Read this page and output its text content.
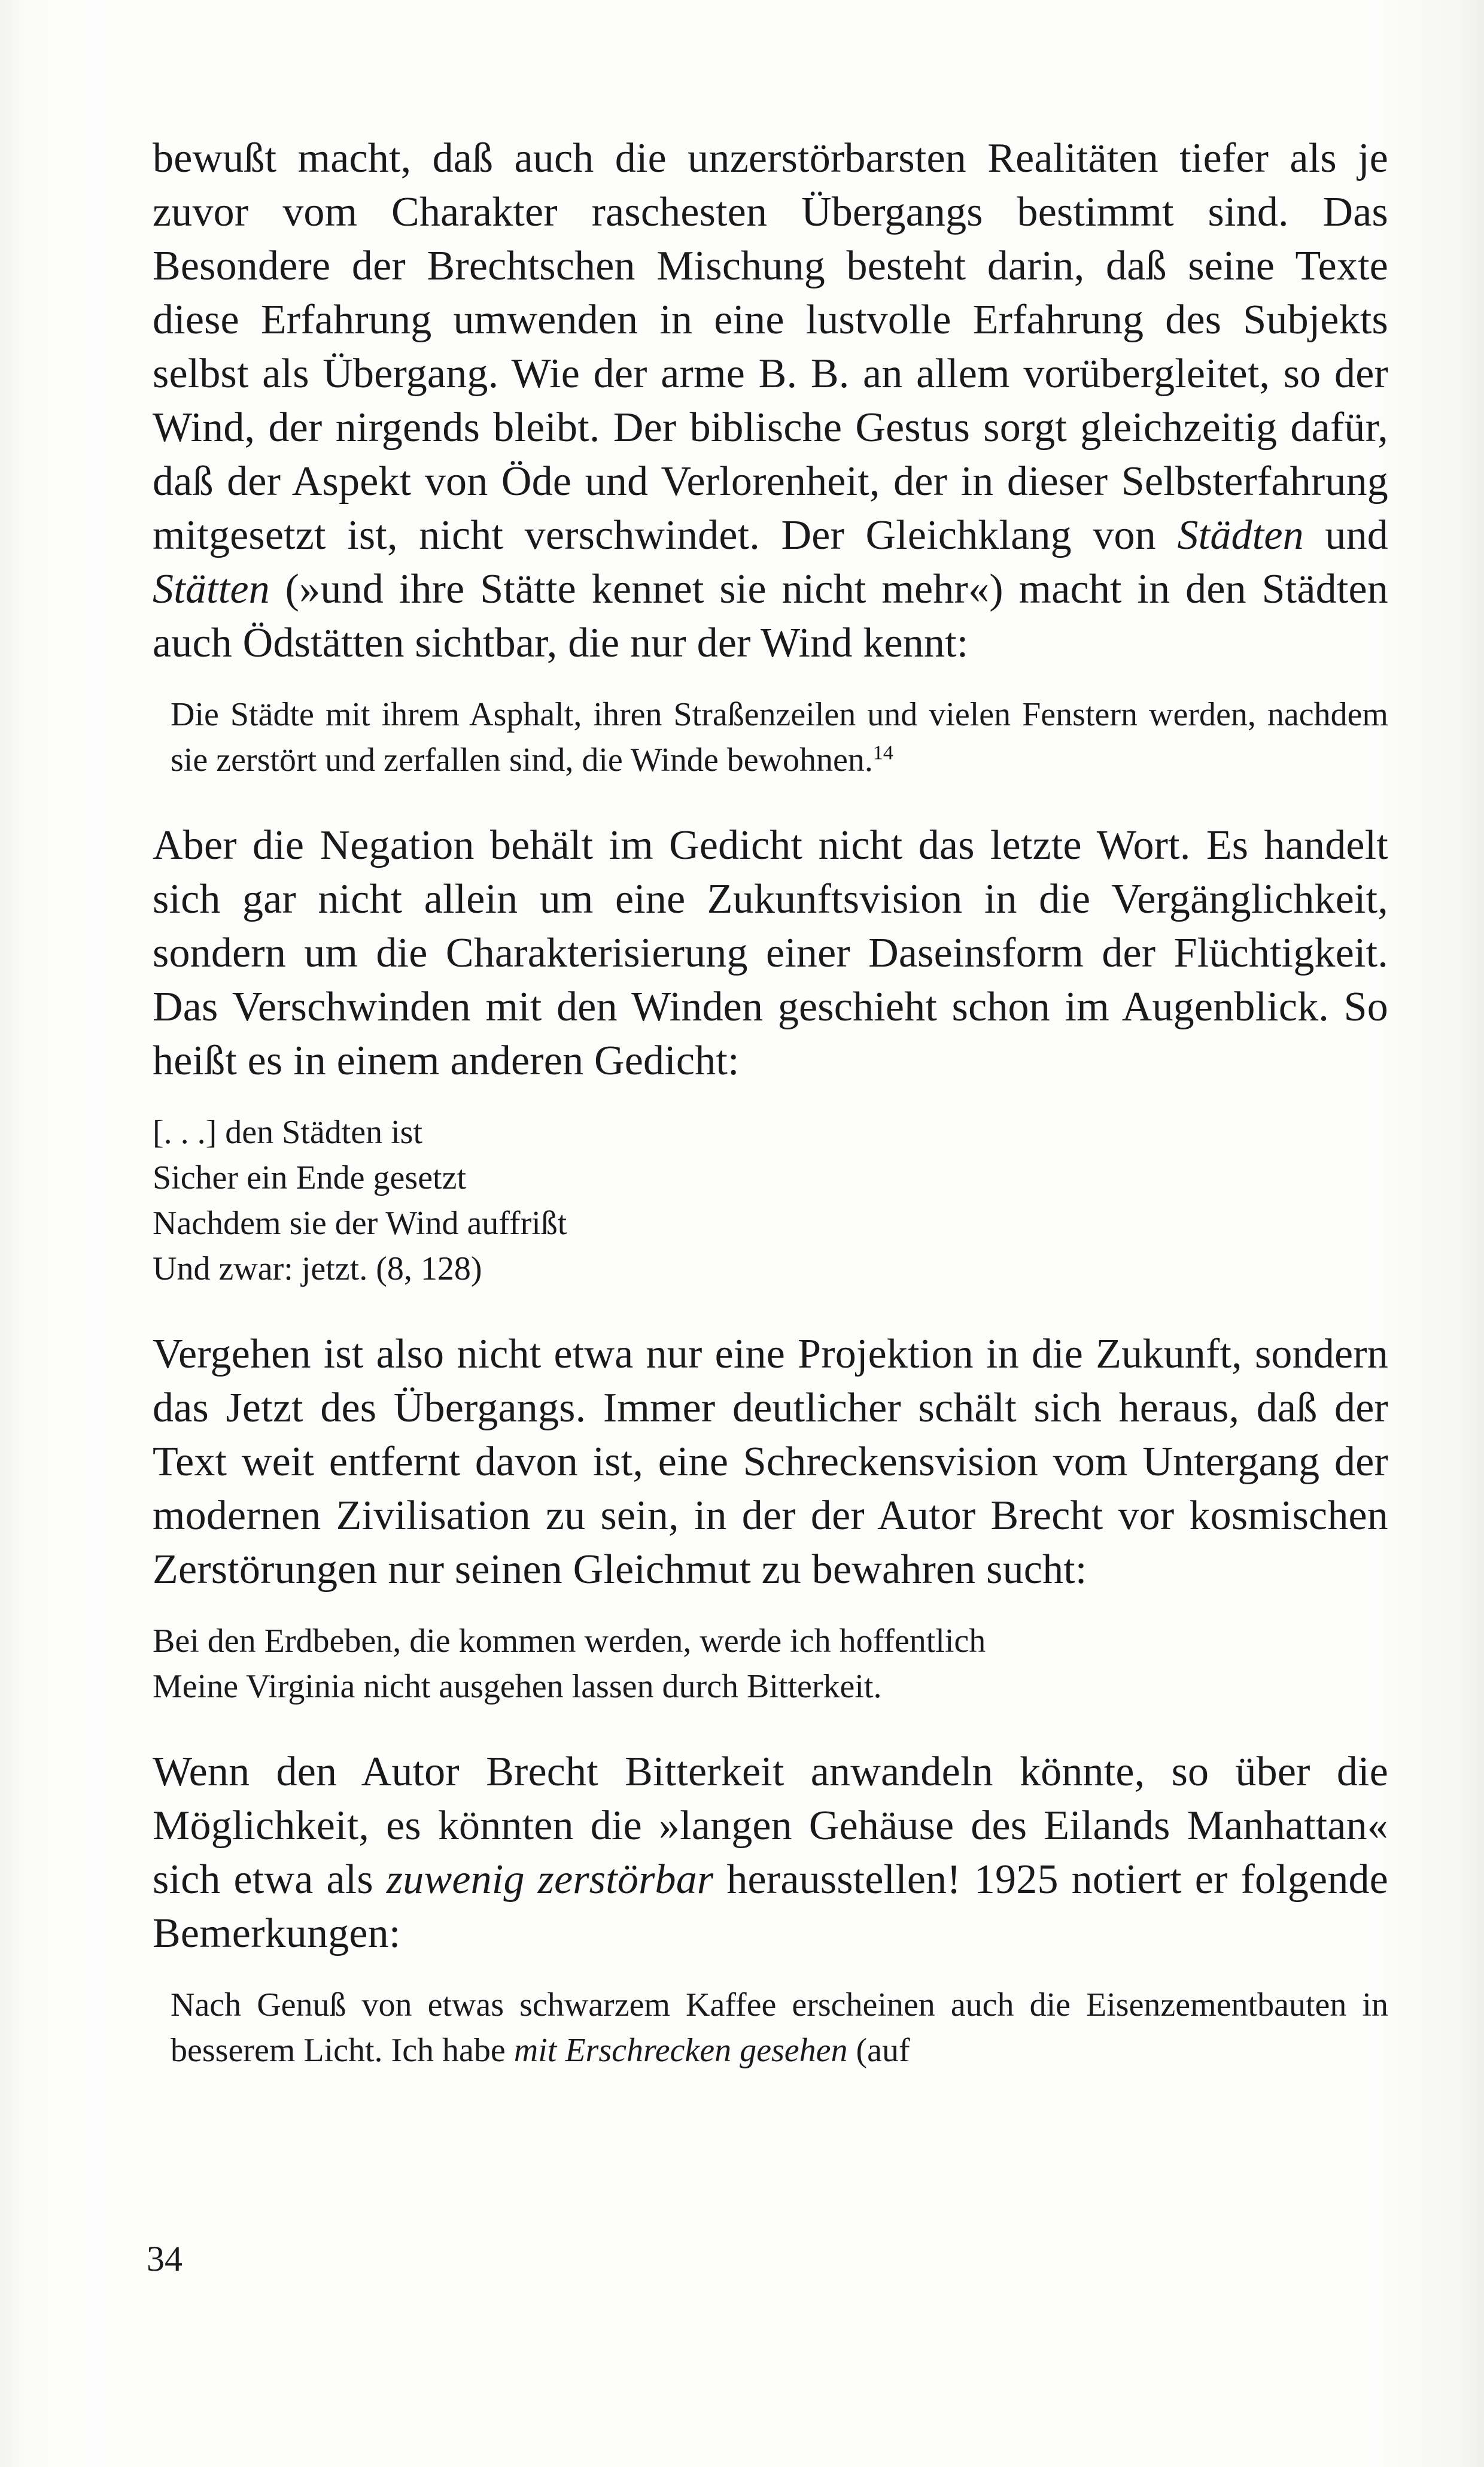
bewußt macht, daß auch die unzerstörbarsten Realitäten tiefer als je zuvor vom Charakter raschesten Übergangs bestimmt sind. Das Besondere der Brechtschen Mischung besteht darin, daß seine Texte diese Erfahrung umwenden in eine lustvolle Erfahrung des Subjekts selbst als Übergang. Wie der arme B. B. an allem vorübergleitet, so der Wind, der nirgends bleibt. Der biblische Gestus sorgt gleichzeitig dafür, daß der Aspekt von Öde und Verlorenheit, der in dieser Selbsterfahrung mitgesetzt ist, nicht verschwindet. Der Gleichklang von Städten und Stätten (»und ihre Stätte kennet sie nicht mehr«) macht in den Städten auch Ödstätten sichtbar, die nur der Wind kennt:

Die Städte mit ihrem Asphalt, ihren Straßenzeilen und vielen Fenstern werden, nachdem sie zerstört und zerfallen sind, die Winde bewohnen.$^{14}$

Aber die Negation behält im Gedicht nicht das letzte Wort. Es handelt sich gar nicht allein um eine Zukunftsvision in die Vergänglichkeit, sondern um die Charakterisierung einer Daseinsform der Flüchtigkeit. Das Verschwinden mit den Winden geschieht schon im Augenblick. So heißt es in einem anderen Gedicht:

[. . .] den Städten ist
Sicher ein Ende gesetzt
Nachdem sie der Wind auffrißt
Und zwar: jetzt. (8, 128)

Vergehen ist also nicht etwa nur eine Projektion in die Zukunft, sondern das Jetzt des Übergangs. Immer deutlicher schält sich heraus, daß der Text weit entfernt davon ist, eine Schreckensvision vom Untergang der modernen Zivilisation zu sein, in der der Autor Brecht vor kosmischen Zerstörungen nur seinen Gleichmut zu bewahren sucht:

Bei den Erdbeben, die kommen werden, werde ich hoffentlich
Meine Virginia nicht ausgehen lassen durch Bitterkeit.

Wenn den Autor Brecht Bitterkeit anwandeln könnte, so über die Möglichkeit, es könnten die »langen Gehäuse des Eilands Manhattan« sich etwa als zuwenig zerstörbar herausstellen! 1925 notiert er folgende Bemerkungen:

Nach Genuß von etwas schwarzem Kaffee erscheinen auch die Eisenzementbauten in besserem Licht. Ich habe mit Erschrecken gesehen (auf

34
